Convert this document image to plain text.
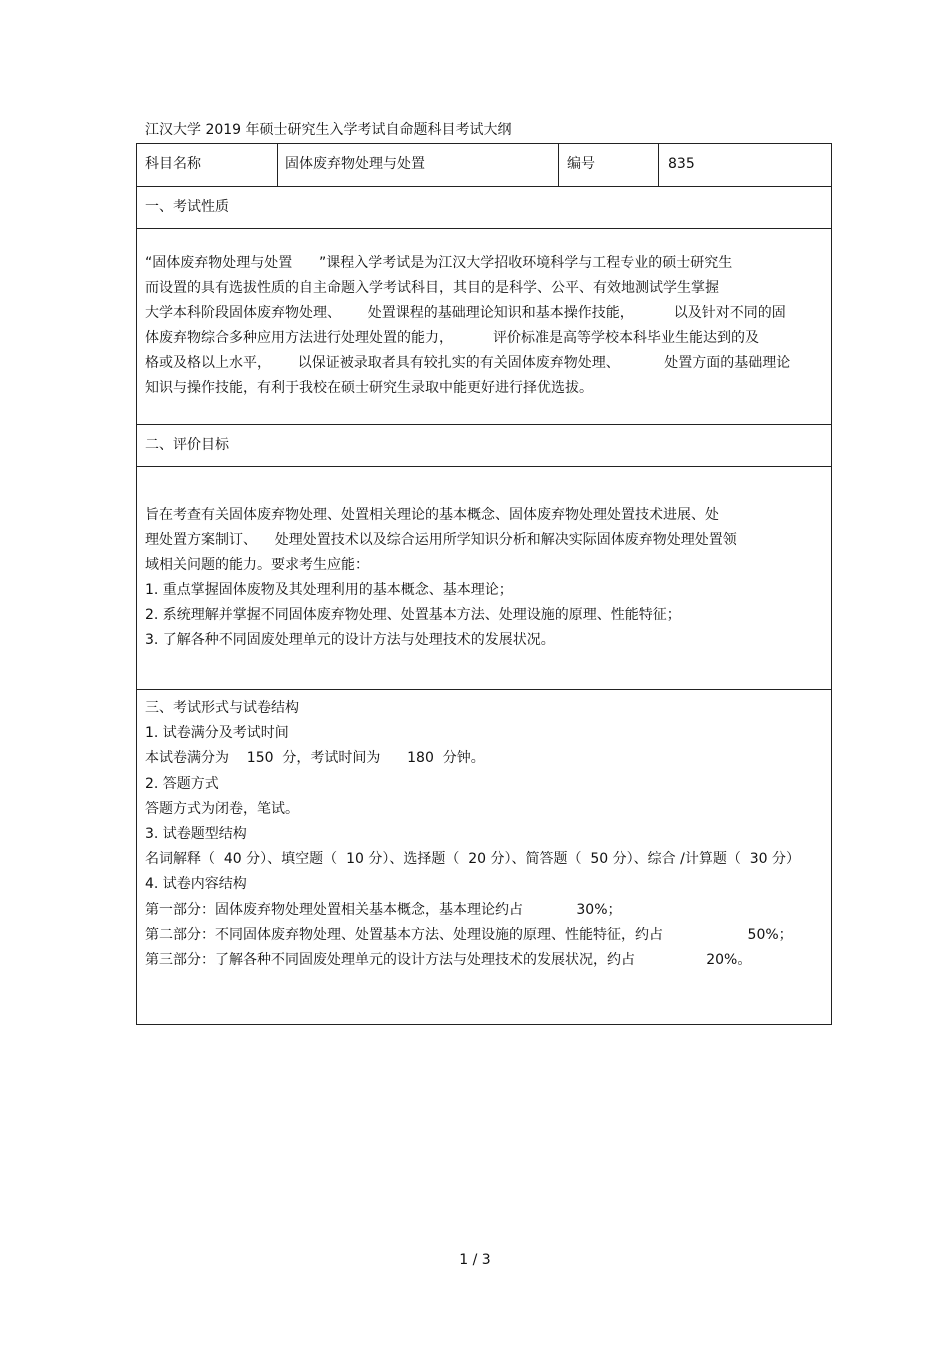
江汉大学 2019 年硕士研究生入学考试自命题科目考试大纲
科目名称	固体废弃物处理与处置	编号	835
一、考试性质
“固体废弃物处理与处置      ”课程入学考试是为江汉大学招收环境科学与工程专业的硕士研究生
而设置的具有选拔性质的自主命题入学考试科目，其目的是科学、公平、有效地测试学生掌握
大学本科阶段固体废弃物处理、      处置课程的基础理论知识和基本操作技能，         以及针对不同的固
体废弃物综合多种应用方法进行处理处置的能力，         评价标准是高等学校本科毕业生能达到的及
格或及格以上水平，      以保证被录取者具有较扎实的有关固体废弃物处理、          处置方面的基础理论
知识与操作技能，有利于我校在硕士研究生录取中能更好进行择优选拔。
二、评价目标
旨在考查有关固体废弃物处理、处置相关理论的基本概念、固体废弃物处理处置技术进展、处
理处置方案制订、    处理处置技术以及综合运用所学知识分析和解决实际固体废弃物处理处置领
域相关问题的能力。要求考生应能：
1. 重点掌握固体废物及其处理利用的基本概念、基本理论；
2. 系统理解并掌握不同固体废弃物处理、处置基本方法、处理设施的原理、性能特征；
3. 了解各种不同固废处理单元的设计方法与处理技术的发展状况。
三、考试形式与试卷结构
1. 试卷满分及考试时间
本试卷满分为    150  分，考试时间为      180  分钟。
2. 答题方式
答题方式为闭卷，笔试。
3. 试卷题型结构
名词解释（  40 分）、填空题（  10 分）、选择题（  20 分）、简答题（  50 分）、综合 /计算题（  30 分）
4. 试卷内容结构
第一部分：固体废弃物处理处置相关基本概念，基本理论约占            30%；
第二部分：不同固体废弃物处理、处置基本方法、处理设施的原理、性能特征，约占                   50%；
第三部分：了解各种不同固废处理单元的设计方法与处理技术的发展状况，约占                20%。
1 / 3
